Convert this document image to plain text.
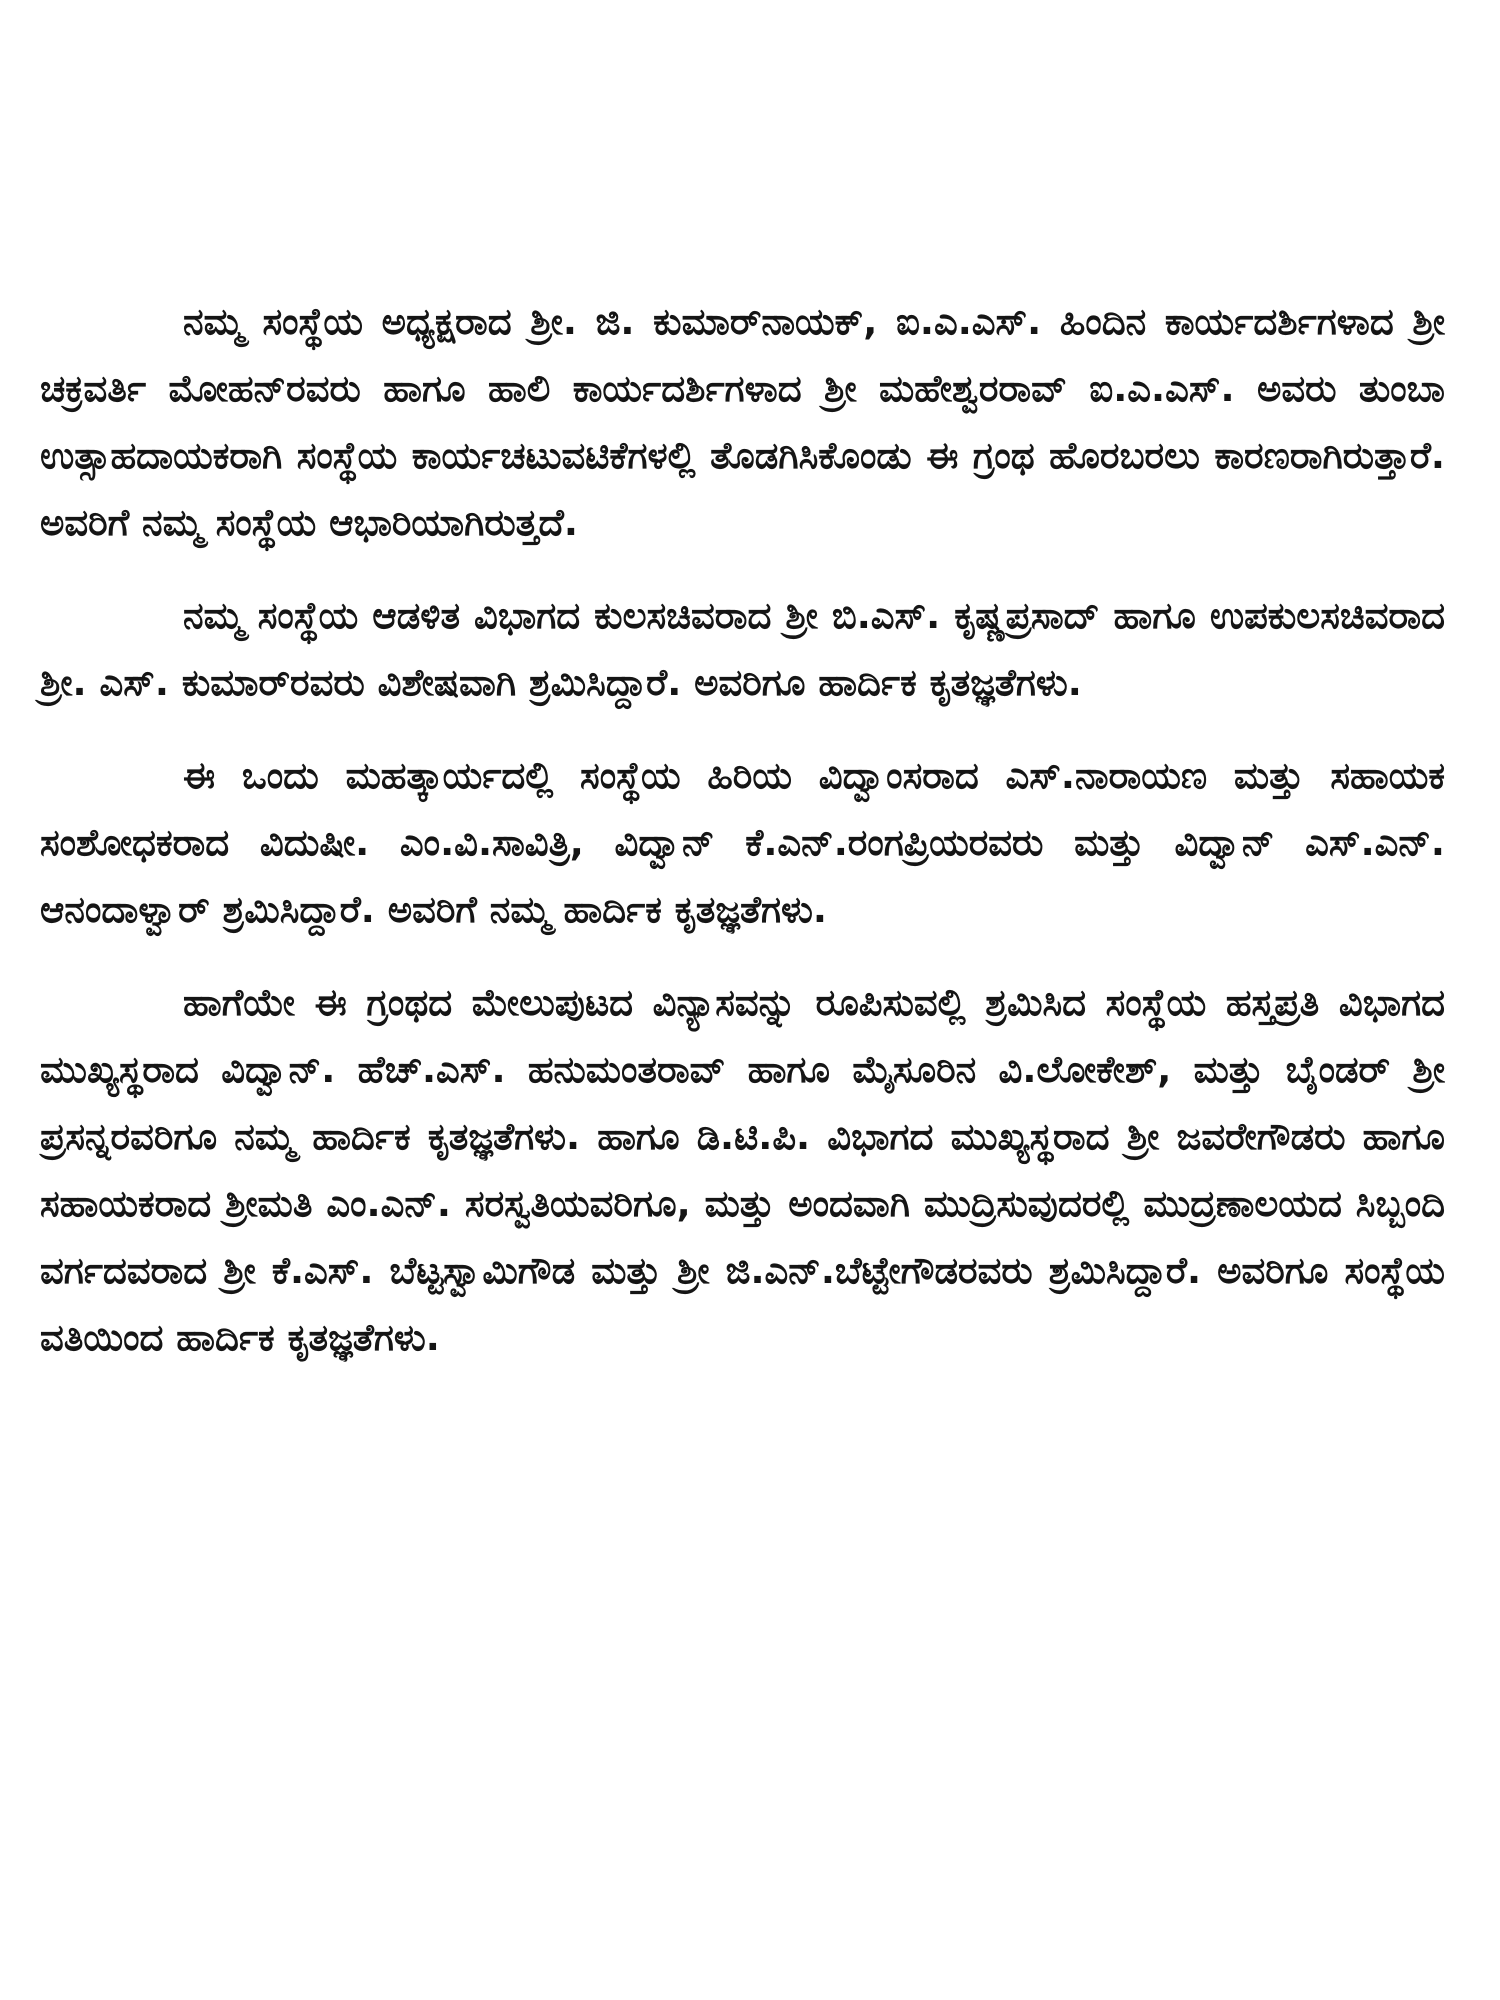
ನಮ್ಮ ಸಂಸ್ಥೆಯ ಅಧ್ಯಕ್ಷರಾದ ಶ್ರೀ. ಜಿ. ಕುಮಾರ್‌ನಾಯಕ್, ಐ.ಎ.ಎಸ್. ಹಿಂದಿನ ಕಾರ್ಯದರ್ಶಿಗಳಾದ ಶ್ರೀ ಚಕ್ರವರ್ತಿ ಮೋಹನ್‌ರವರು ಹಾಗೂ ಹಾಲಿ ಕಾರ್ಯದರ್ಶಿಗಳಾದ ಶ್ರೀ ಮಹೇಶ್ವರರಾವ್ ಐ.ಎ.ಎಸ್. ಅವರು ತುಂಬಾ ಉತ್ಸಾಹದಾಯಕರಾಗಿ ಸಂಸ್ಥೆಯ ಕಾರ್ಯಚಟುವಟಿಕೆಗಳಲ್ಲಿ ತೊಡಗಿಸಿಕೊಂಡು ಈ ಗ್ರಂಥ ಹೊರಬರಲು ಕಾರಣರಾಗಿರುತ್ತಾರೆ. ಅವರಿಗೆ ನಮ್ಮ ಸಂಸ್ಥೆಯ ಆಭಾರಿಯಾಗಿರುತ್ತದೆ.

ನಮ್ಮ ಸಂಸ್ಥೆಯ ಆಡಳಿತ ವಿಭಾಗದ ಕುಲಸಚಿವರಾದ ಶ್ರೀ ಬಿ.ಎಸ್. ಕೃಷ್ಣಪ್ರಸಾದ್ ಹಾಗೂ ಉಪಕುಲಸಚಿವರಾದ ಶ್ರೀ. ಎಸ್. ಕುಮಾರ್‌ರವರು ವಿಶೇಷವಾಗಿ ಶ್ರಮಿಸಿದ್ದಾರೆ. ಅವರಿಗೂ ಹಾರ್ದಿಕ ಕೃತಜ್ಞತೆಗಳು.

ಈ ಒಂದು ಮಹತ್ಕಾರ್ಯದಲ್ಲಿ ಸಂಸ್ಥೆಯ ಹಿರಿಯ ವಿದ್ವಾಂಸರಾದ ಎಸ್.ನಾರಾಯಣ ಮತ್ತು ಸಹಾಯಕ ಸಂಶೋಧಕರಾದ ವಿದುಷೀ. ಎಂ.ವಿ.ಸಾವಿತ್ರಿ, ವಿದ್ವಾನ್ ಕೆ.ಎನ್.ರಂಗಪ್ರಿಯರವರು ಮತ್ತು ವಿದ್ವಾನ್ ಎಸ್.ಎನ್. ಆನಂದಾಳ್ವಾರ್ ಶ್ರಮಿಸಿದ್ದಾರೆ. ಅವರಿಗೆ ನಮ್ಮ ಹಾರ್ದಿಕ ಕೃತಜ್ಞತೆಗಳು.

ಹಾಗೆಯೇ ಈ ಗ್ರಂಥದ ಮೇಲುಪುಟದ ವಿನ್ಯಾಸವನ್ನು ರೂಪಿಸುವಲ್ಲಿ ಶ್ರಮಿಸಿದ ಸಂಸ್ಥೆಯ ಹಸ್ತಪ್ರತಿ ವಿಭಾಗದ ಮುಖ್ಯಸ್ಥರಾದ ವಿದ್ವಾನ್. ಹೆಚ್.ಎಸ್. ಹನುಮಂತರಾವ್ ಹಾಗೂ ಮೈಸೂರಿನ ವಿ.ಲೋಕೇಶ್, ಮತ್ತು ಬೈಂಡರ್ ಶ್ರೀ ಪ್ರಸನ್ನರವರಿಗೂ ನಮ್ಮ ಹಾರ್ದಿಕ ಕೃತಜ್ಞತೆಗಳು. ಹಾಗೂ ಡಿ.ಟಿ.ಪಿ. ವಿಭಾಗದ ಮುಖ್ಯಸ್ಥರಾದ ಶ್ರೀ ಜವರೇಗೌಡರು ಹಾಗೂ ಸಹಾಯಕರಾದ ಶ್ರೀಮತಿ ಎಂ.ಎನ್. ಸರಸ್ವತಿಯವರಿಗೂ, ಮತ್ತು ಅಂದವಾಗಿ ಮುದ್ರಿಸುವುದರಲ್ಲಿ ಮುದ್ರಣಾಲಯದ ಸಿಬ್ಬಂದಿ ವರ್ಗದವರಾದ ಶ್ರೀ ಕೆ.ಎಸ್. ಬೆಟ್ಟಸ್ವಾಮಿಗೌಡ ಮತ್ತು ಶ್ರೀ ಜಿ.ಎನ್.ಬೆಟ್ಟೇಗೌಡರವರು ಶ್ರಮಿಸಿದ್ದಾರೆ. ಅವರಿಗೂ ಸಂಸ್ಥೆಯ ವತಿಯಿಂದ ಹಾರ್ದಿಕ ಕೃತಜ್ಞತೆಗಳು.
